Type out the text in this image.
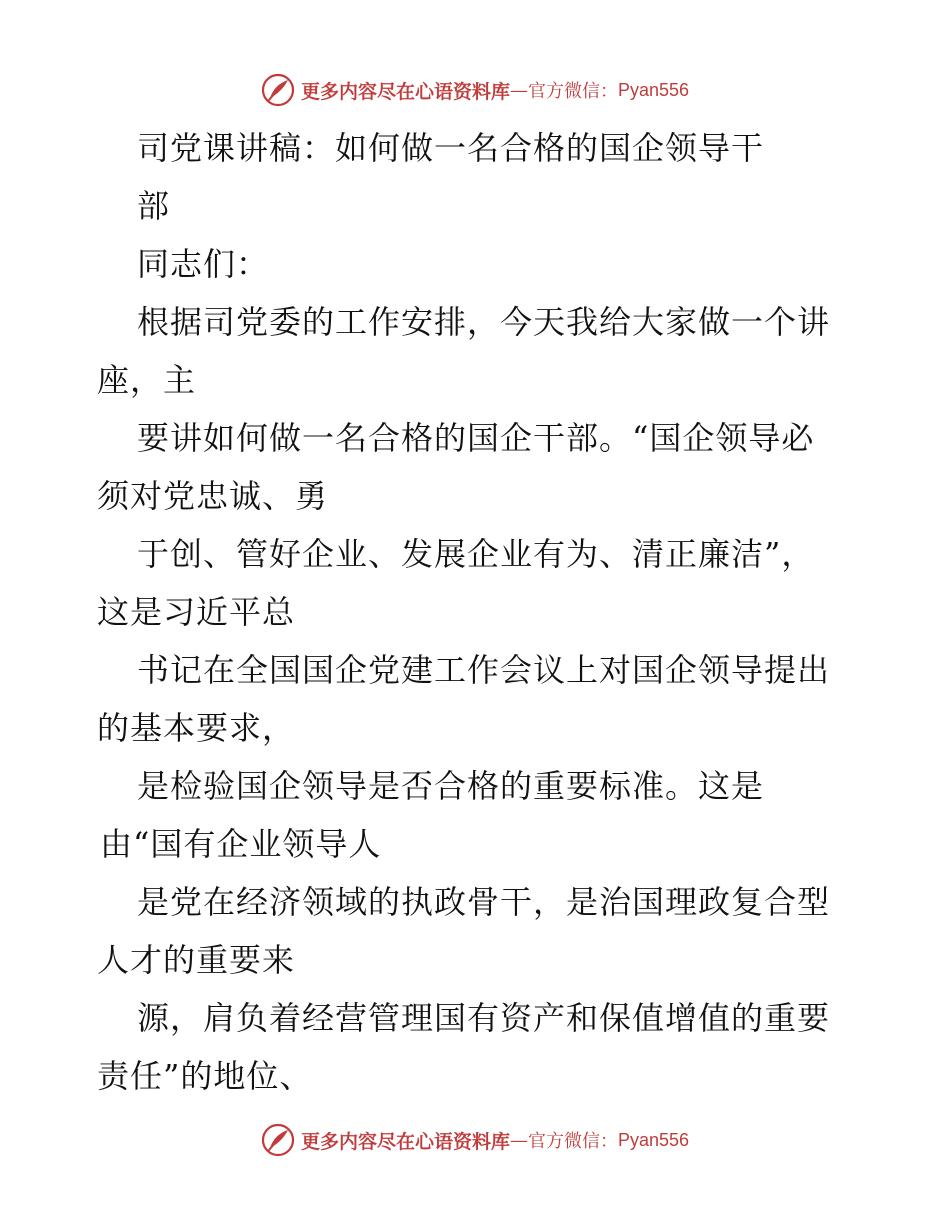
更多内容尽在心语资料库 — 官方微信： Pyan556
司党课讲稿：如何做一名合格的国企领导干
部
同志们：
根据司党委的工作安排，今天我给大家做一个讲
座，主
要讲如何做一名合格的国企干部。“国企领导必
须对党忠诚、勇
于创、管好企业、发展企业有为、清正廉洁”，
这是习近平总
书记在全国国企党建工作会议上对国企领导提出
的基本要求，
是检验国企领导是否合格的重要标准。这是
由“国有企业领导人
是党在经济领域的执政骨干，是治国理政复合型
人才的重要来
源，肩负着经营管理国有资产和保值增值的重要
责任”的地位、
更多内容尽在心语资料库 — 官方微信： Pyan556
